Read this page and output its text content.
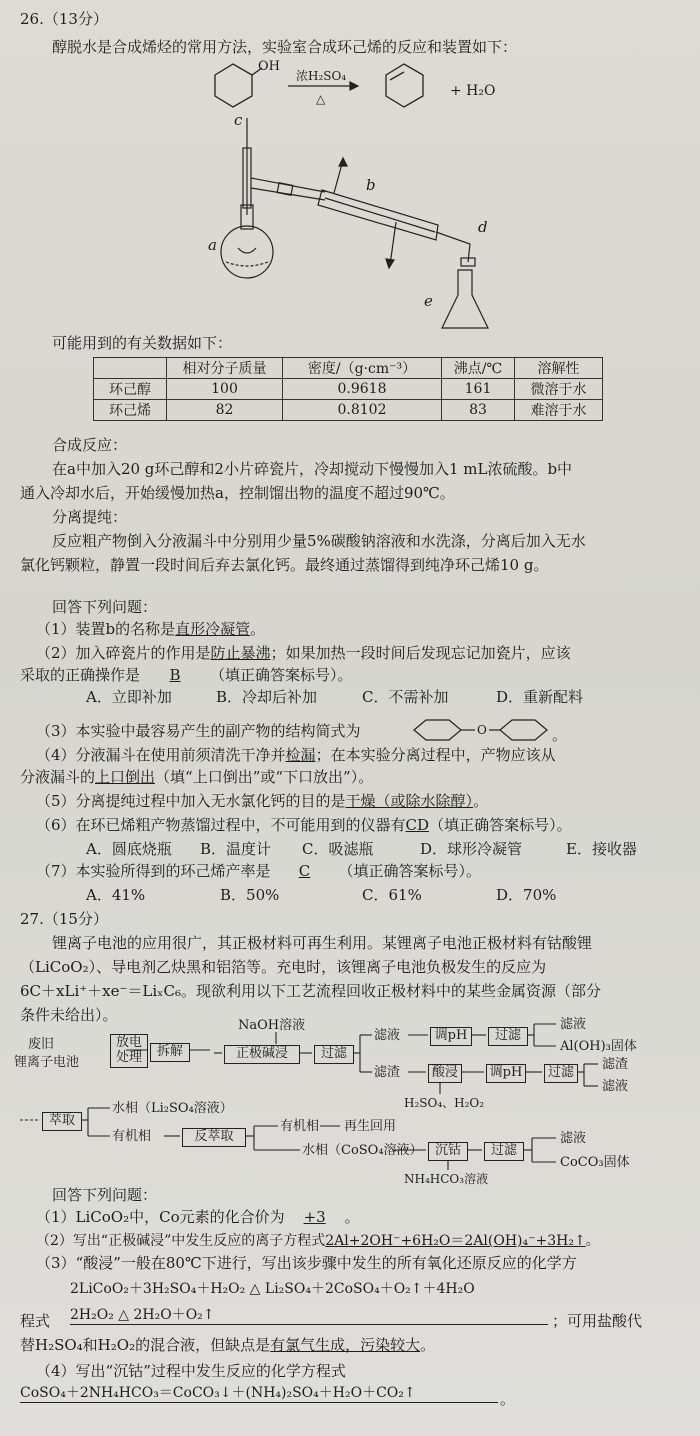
26.（13分）
醇脱水是合成烯烃的常用方法，实验室合成环己烯的反应和装置如下：
OH
浓H₂SO₄
△	+ H₂O
c
a
b
d
e
可能用到的有关数据如下：
	相对分子质量	密度/（g·cm⁻³）	沸点/℃	溶解性
环己醇	100	0.9618	161	微溶于水
环己烯	82	0.8102	83	难溶于水
合成反应：
在a中加入20 g环己醇和2小片碎瓷片，冷却搅动下慢慢加入1 mL浓硫酸。b中
通入冷却水后，开始缓慢加热a，控制馏出物的温度不超过90℃。
分离提纯：
反应粗产物倒入分液漏斗中分别用少量5%碳酸钠溶液和水洗涤，分离后加入无水
氯化钙颗粒，静置一段时间后弃去氯化钙。最终通过蒸馏得到纯净环己烯10 g。
回答下列问题：
（1）装置b的名称是直形冷凝管。
（2）加入碎瓷片的作用是防止暴沸；如果加热一段时间后发现忘记加瓷片，应该
采取的正确操作是 B （填正确答案标号）。
A．立即补加	B．冷却后补加	C．不需补加	D．重新配料
（3）本实验中最容易产生的副产物的结构简式为	O	。
（4）分液漏斗在使用前须清洗干净并检漏；在本实验分离过程中，产物应该从
分液漏斗的上口倒出（填“上口倒出”或“下口放出”）。
（5）分离提纯过程中加入无水氯化钙的目的是干燥（或除水除醇）。
（6）在环已烯粗产物蒸馏过程中，不可能用到的仪器有CD（填正确答案标号）。
A．圆底烧瓶 B．温度计 C．吸滤瓶	D．球形冷凝管	E．接收器
（7）本实验所得到的环己烯产率是 C （填正确答案标号）。
A．41%	B．50%	C．61%	D．70%
27.（15分）
锂离子电池的应用很广，其正极材料可再生利用。某锂离子电池正极材料有钴酸锂
（LiCoO₂）、导电剂乙炔黑和铝箔等。充电时，该锂离子电池负极发生的反应为
6C＋xLi⁺＋xe⁻＝LiₓC₆。现欲利用以下工艺流程回收正极材料中的某些金属资源（部分
条件未给出）。
废旧
锂离子电池
放电
处理	拆解
NaOH溶液
正极碱浸	过滤
滤液	调pH	过滤
滤液
Al(OH)₃固体
滤渣	酸浸
H₂SO₄、H₂O₂
调pH	过滤
滤渣
滤液
萃取
水相（Li₂SO₄溶液）
有机相	反萃取
有机相 再生回用
水相（CoSO₄溶液） 沉钴
NH₄HCO₃溶液
过滤
滤液
CoCO₃固体
回答下列问题：
（1）LiCoO₂中，Co元素的化合价为 +3 。
（2）写出“正极碱浸”中发生反应的离子方程式2Al+2OH⁻+6H₂O＝2Al(OH)₄⁻+3H₂↑。
（3）“酸浸”一般在80℃下进行，写出该步骤中发生的所有氧化还原反应的化学方
2LiCoO₂＋3H₂SO₄＋H₂O₂ △ Li₂SO₄＋2CoSO₄＋O₂↑＋4H₂O
程式 2H₂O₂ △ 2H₂O＋O₂↑	；可用盐酸代
替H₂SO₄和H₂O₂的混合液，但缺点是有氯气生成，污染较大。
（4）写出“沉钴”过程中发生反应的化学方程式
CoSO₄＋2NH₄HCO₃＝CoCO₃↓＋(NH₄)₂SO₄＋H₂O＋CO₂↑	。
